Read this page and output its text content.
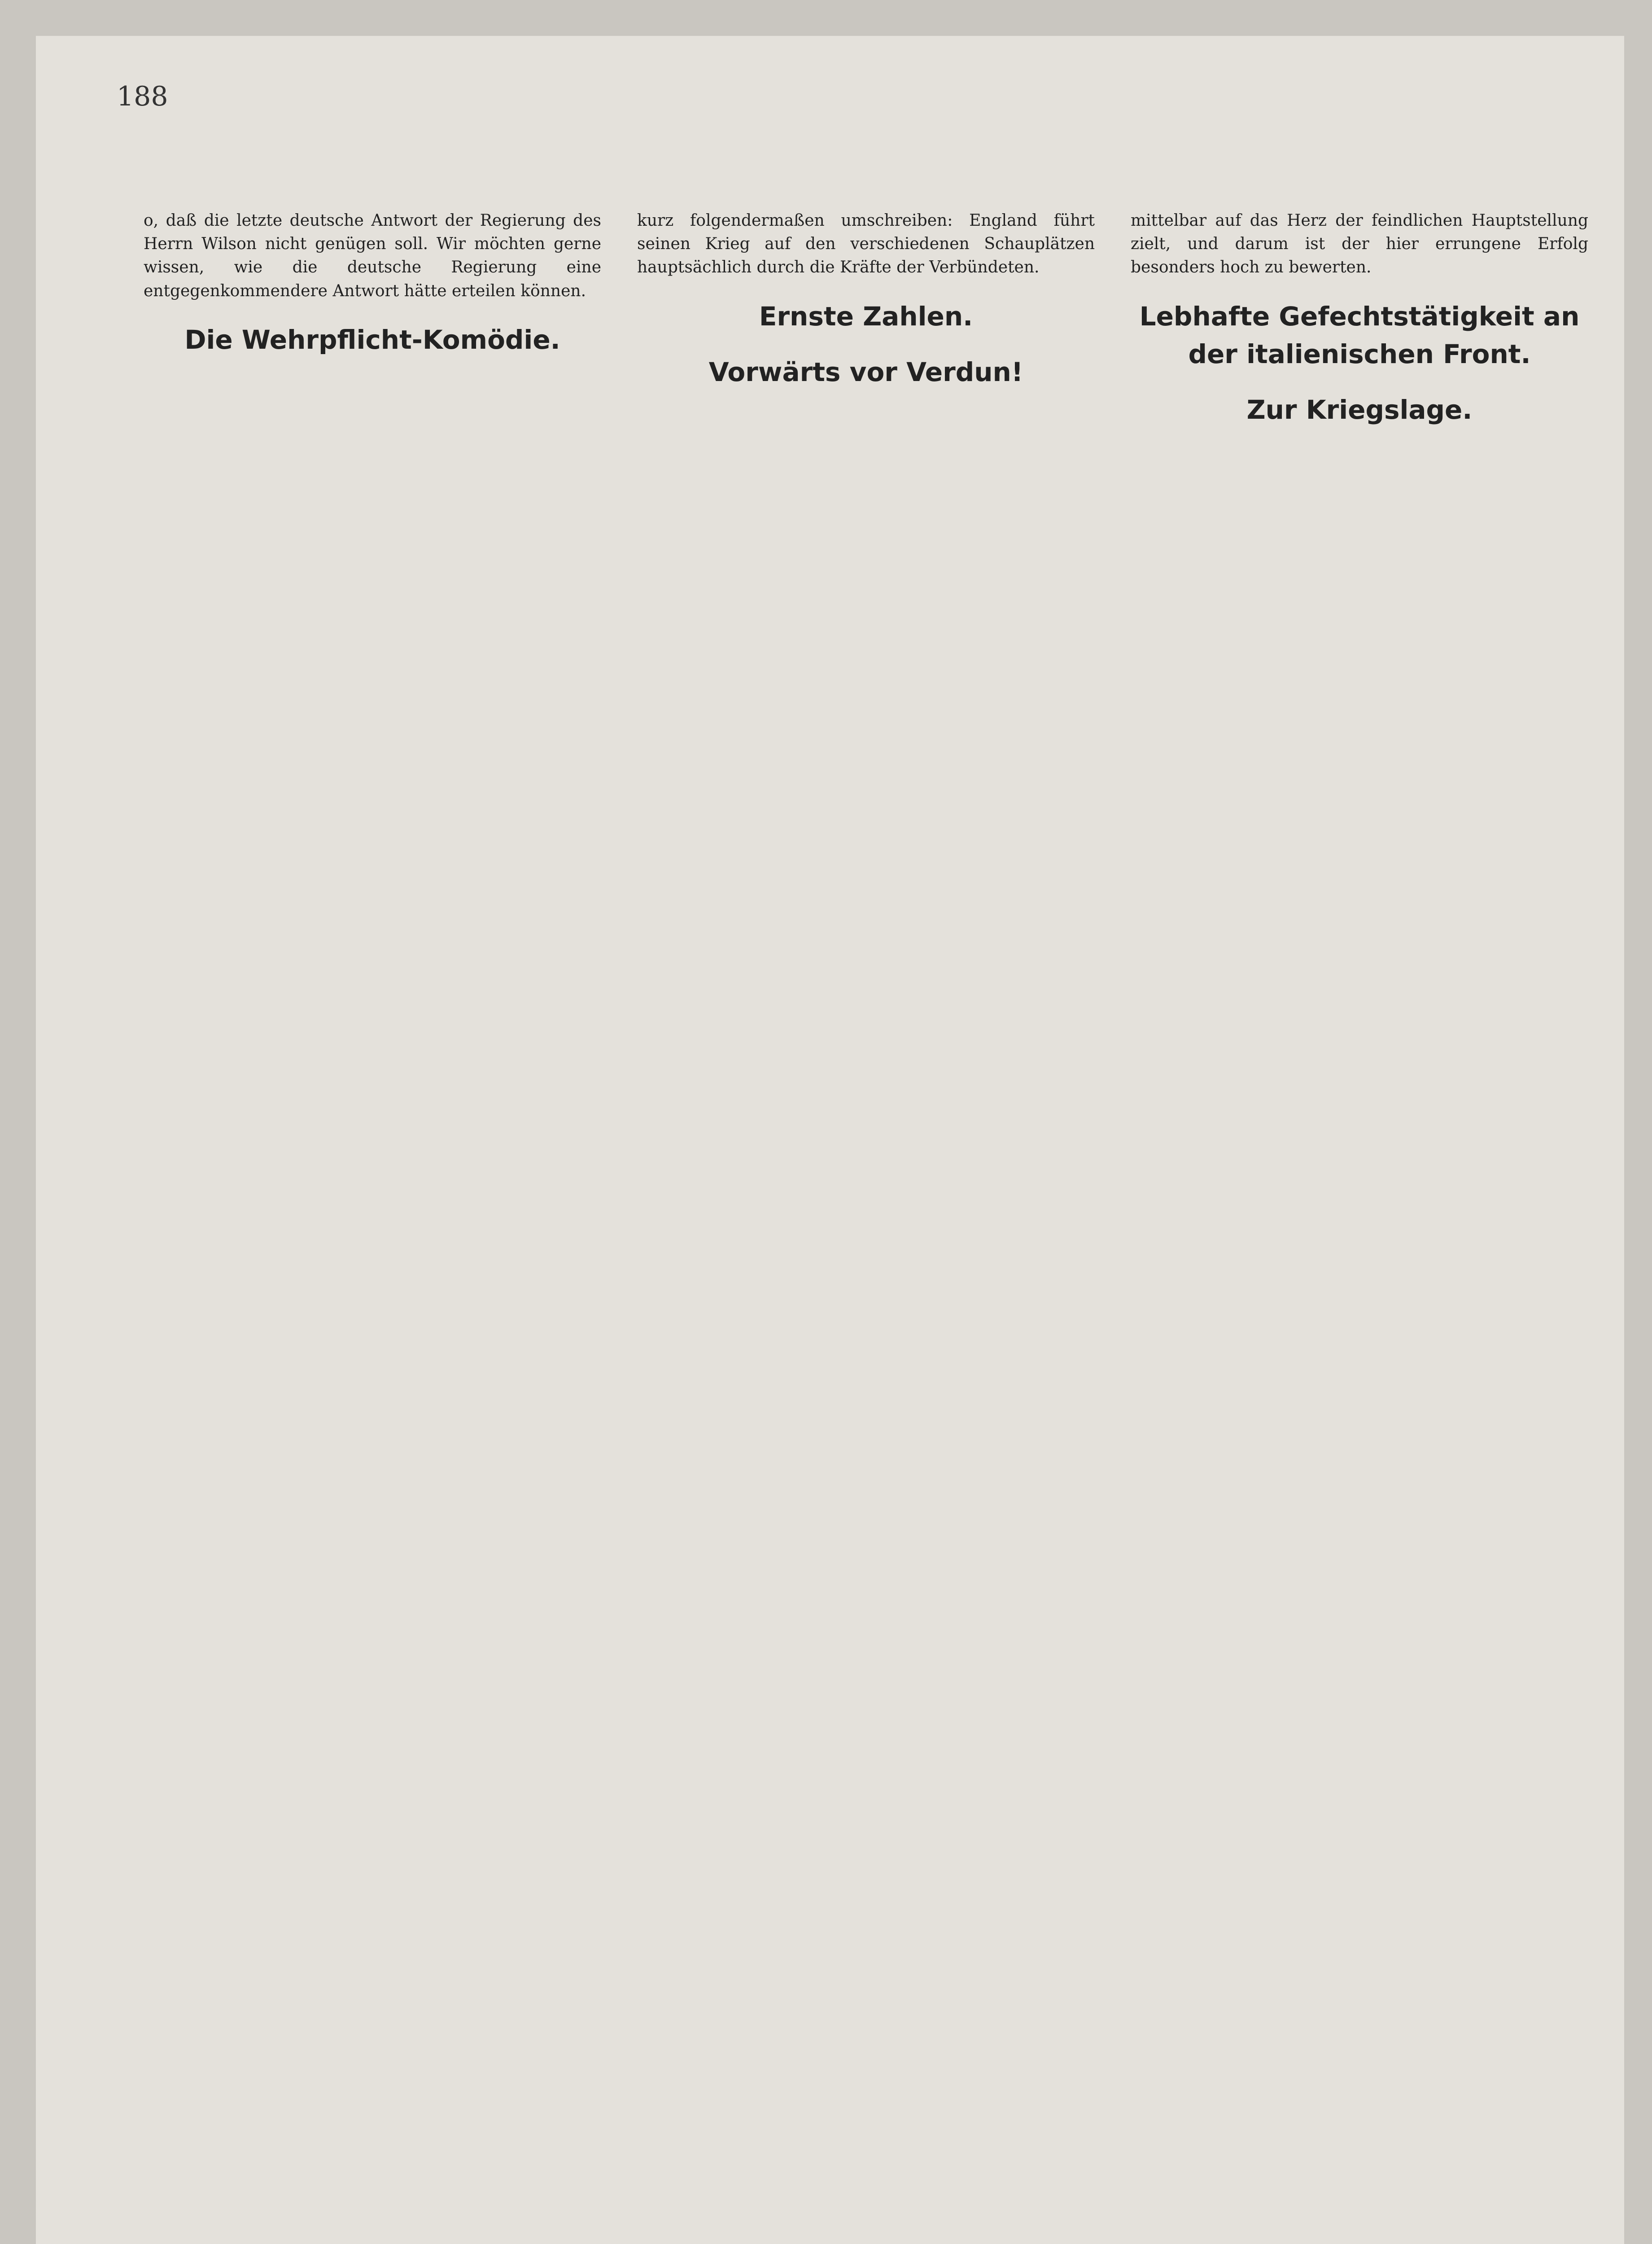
188

o, daß die letzte deutsche Antwort der Regierung des Herrn Wilson nicht genügen soll. Wir möchten gerne wissen, wie die deutsche Regierung eine entgegenkommendere Antwort hätte erteilen können.

Die Wehrpflicht-Komödie.

kurz folgendermaßen umschreiben: England führt seinen Krieg auf den verschiedenen Schauplätzen hauptsächlich durch die Kräfte der Verbündeten.

Ernste Zahlen.
Vorwärts vor Verdun!

mittelbar auf das Herz der feindlichen Hauptstellung zielt, und darum ist der hier errungene Erfolg besonders hoch zu bewerten.

Lebhafte Gefechtstätigkeit an der italienischen Front.
Zur Kriegslage.
